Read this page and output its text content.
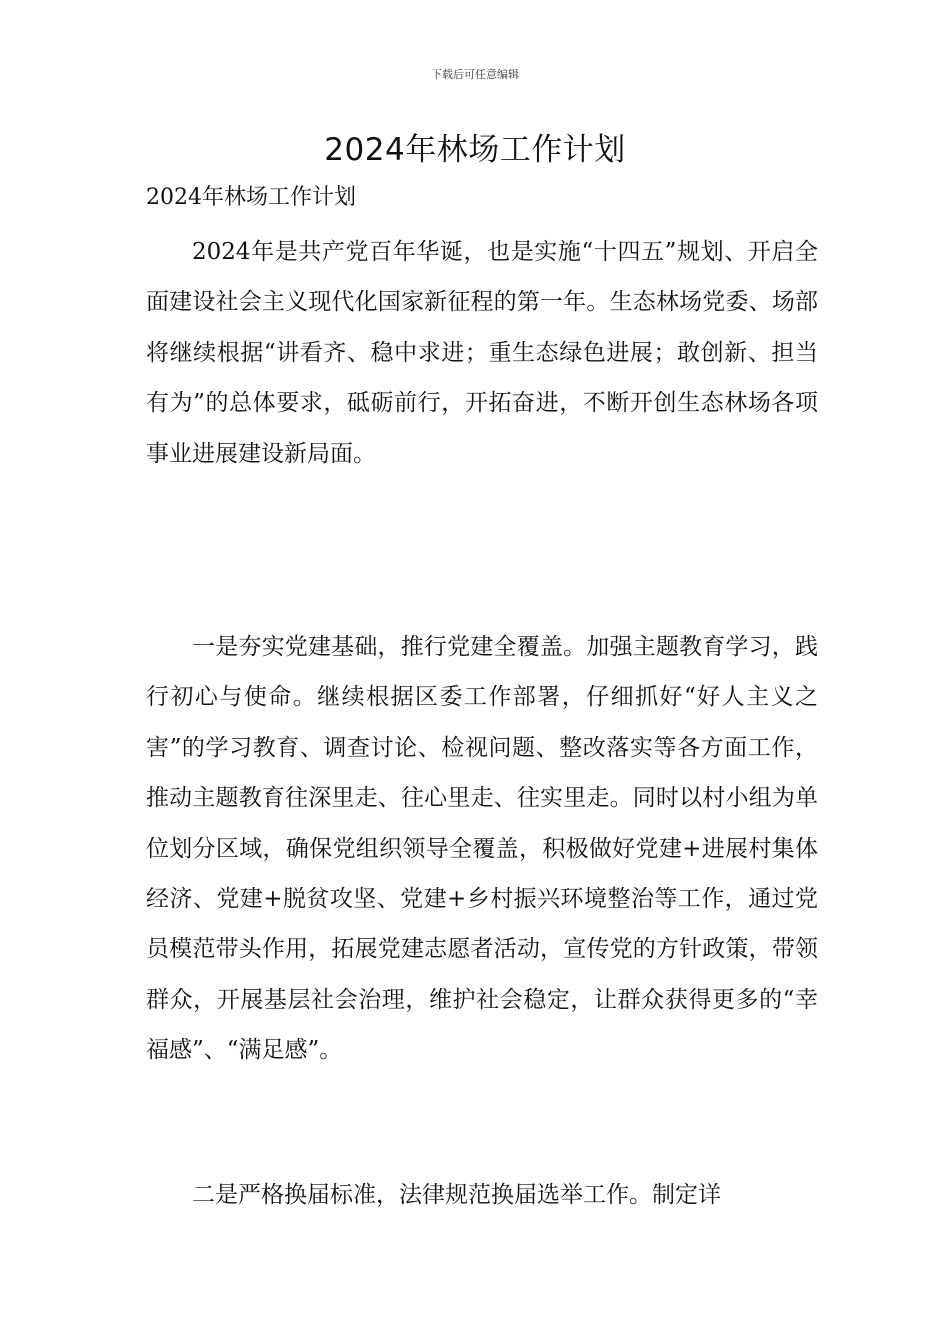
下载后可任意编辑
2024年林场工作计划

2024年林场工作计划

2024年是共产党百年华诞，也是实施“十四五”规划、开启全面建设社会主义现代化国家新征程的第一年。生态林场党委、场部将继续根据“讲看齐、稳中求进；重生态绿色进展；敢创新、担当有为”的总体要求，砥砺前行，开拓奋进，不断开创生态林场各项事业进展建设新局面。

一是夯实党建基础，推行党建全覆盖。加强主题教育学习，践行初心与使命。继续根据区委工作部署，仔细抓好“好人主义之害”的学习教育、调查讨论、检视问题、整改落实等各方面工作，推动主题教育往深里走、往心里走、往实里走。同时以村小组为单位划分区域，确保党组织领导全覆盖，积极做好党建+进展村集体经济、党建+脱贫攻坚、党建+乡村振兴环境整治等工作，通过党员模范带头作用，拓展党建志愿者活动，宣传党的方针政策，带领群众，开展基层社会治理，维护社会稳定，让群众获得更多的“幸福感”、“满足感”。

二是严格换届标准，法律规范换届选举工作。制定详
